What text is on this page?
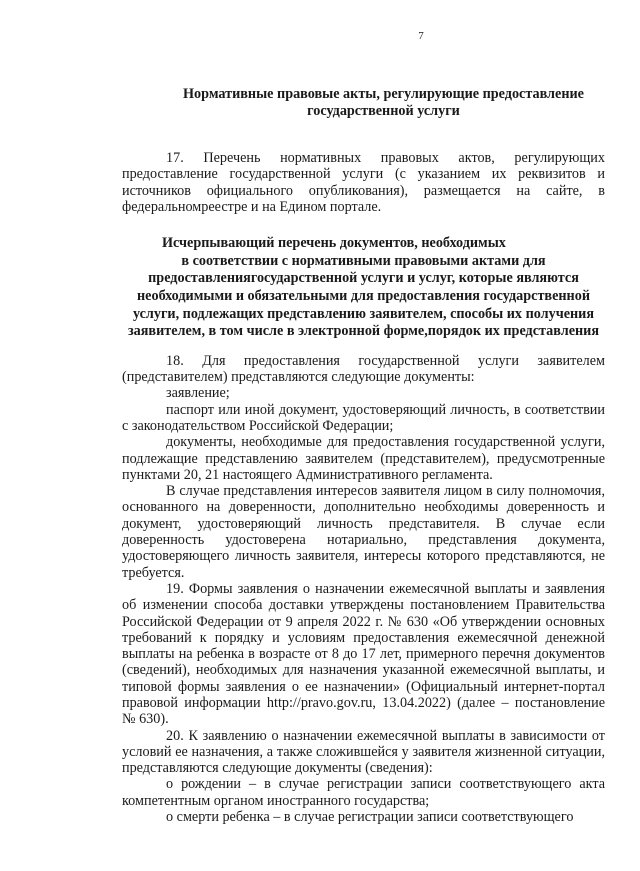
7
Нормативные правовые акты, регулирующие предоставление
государственной услуги

17. Перечень нормативных правовых актов, регулирующих предоставление государственной услуги (с указанием их реквизитов и источников официального опубликования), размещается на сайте, в федеральномреестре и на Едином портале.

Исчерпывающий перечень документов, необходимых
в соответствии с нормативными правовыми актами для
предоставлениягосударственной услуги и услуг, которые являются
необходимыми и обязательными для предоставления государственной
услуги, подлежащих представлению заявителем, способы их получения
заявителем, в том числе в электронной форме,порядок их представления

18. Для предоставления государственной услуги заявителем (представителем) представляются следующие документы:

заявление;

паспорт или иной документ, удостоверяющий личность, в соответствии с законодательством Российской Федерации;

документы, необходимые для предоставления государственной услуги, подлежащие представлению заявителем (представителем), предусмотренные пунктами 20, 21 настоящего Административного регламента.

В случае представления интересов заявителя лицом в силу полномочия, основанного на доверенности, дополнительно необходимы доверенность и документ, удостоверяющий личность представителя. В случае если доверенность удостоверена нотариально, представления документа, удостоверяющего личность заявителя, интересы которого представляются, не требуется.

19. Формы заявления о назначении ежемесячной выплаты и заявления об изменении способа доставки утверждены постановлением Правительства Российской Федерации от 9 апреля 2022 г. № 630 «Об утверждении основных требований к порядку и условиям предоставления ежемесячной денежной выплаты на ребенка в возрасте от 8 до 17 лет, примерного перечня документов (сведений), необходимых для назначения указанной ежемесячной выплаты, и типовой формы заявления о ее назначении» (Официальный интернет-портал правовой информации http://pravo.gov.ru, 13.04.2022) (далее – постановление № 630).

20. К заявлению о назначении ежемесячной выплаты в зависимости от условий ее назначения, а также сложившейся у заявителя жизненной ситуации, представляются следующие документы (сведения):

о рождении – в случае регистрации записи соответствующего акта компетентным органом иностранного государства;

о смерти ребенка – в случае регистрации записи соответствующего
